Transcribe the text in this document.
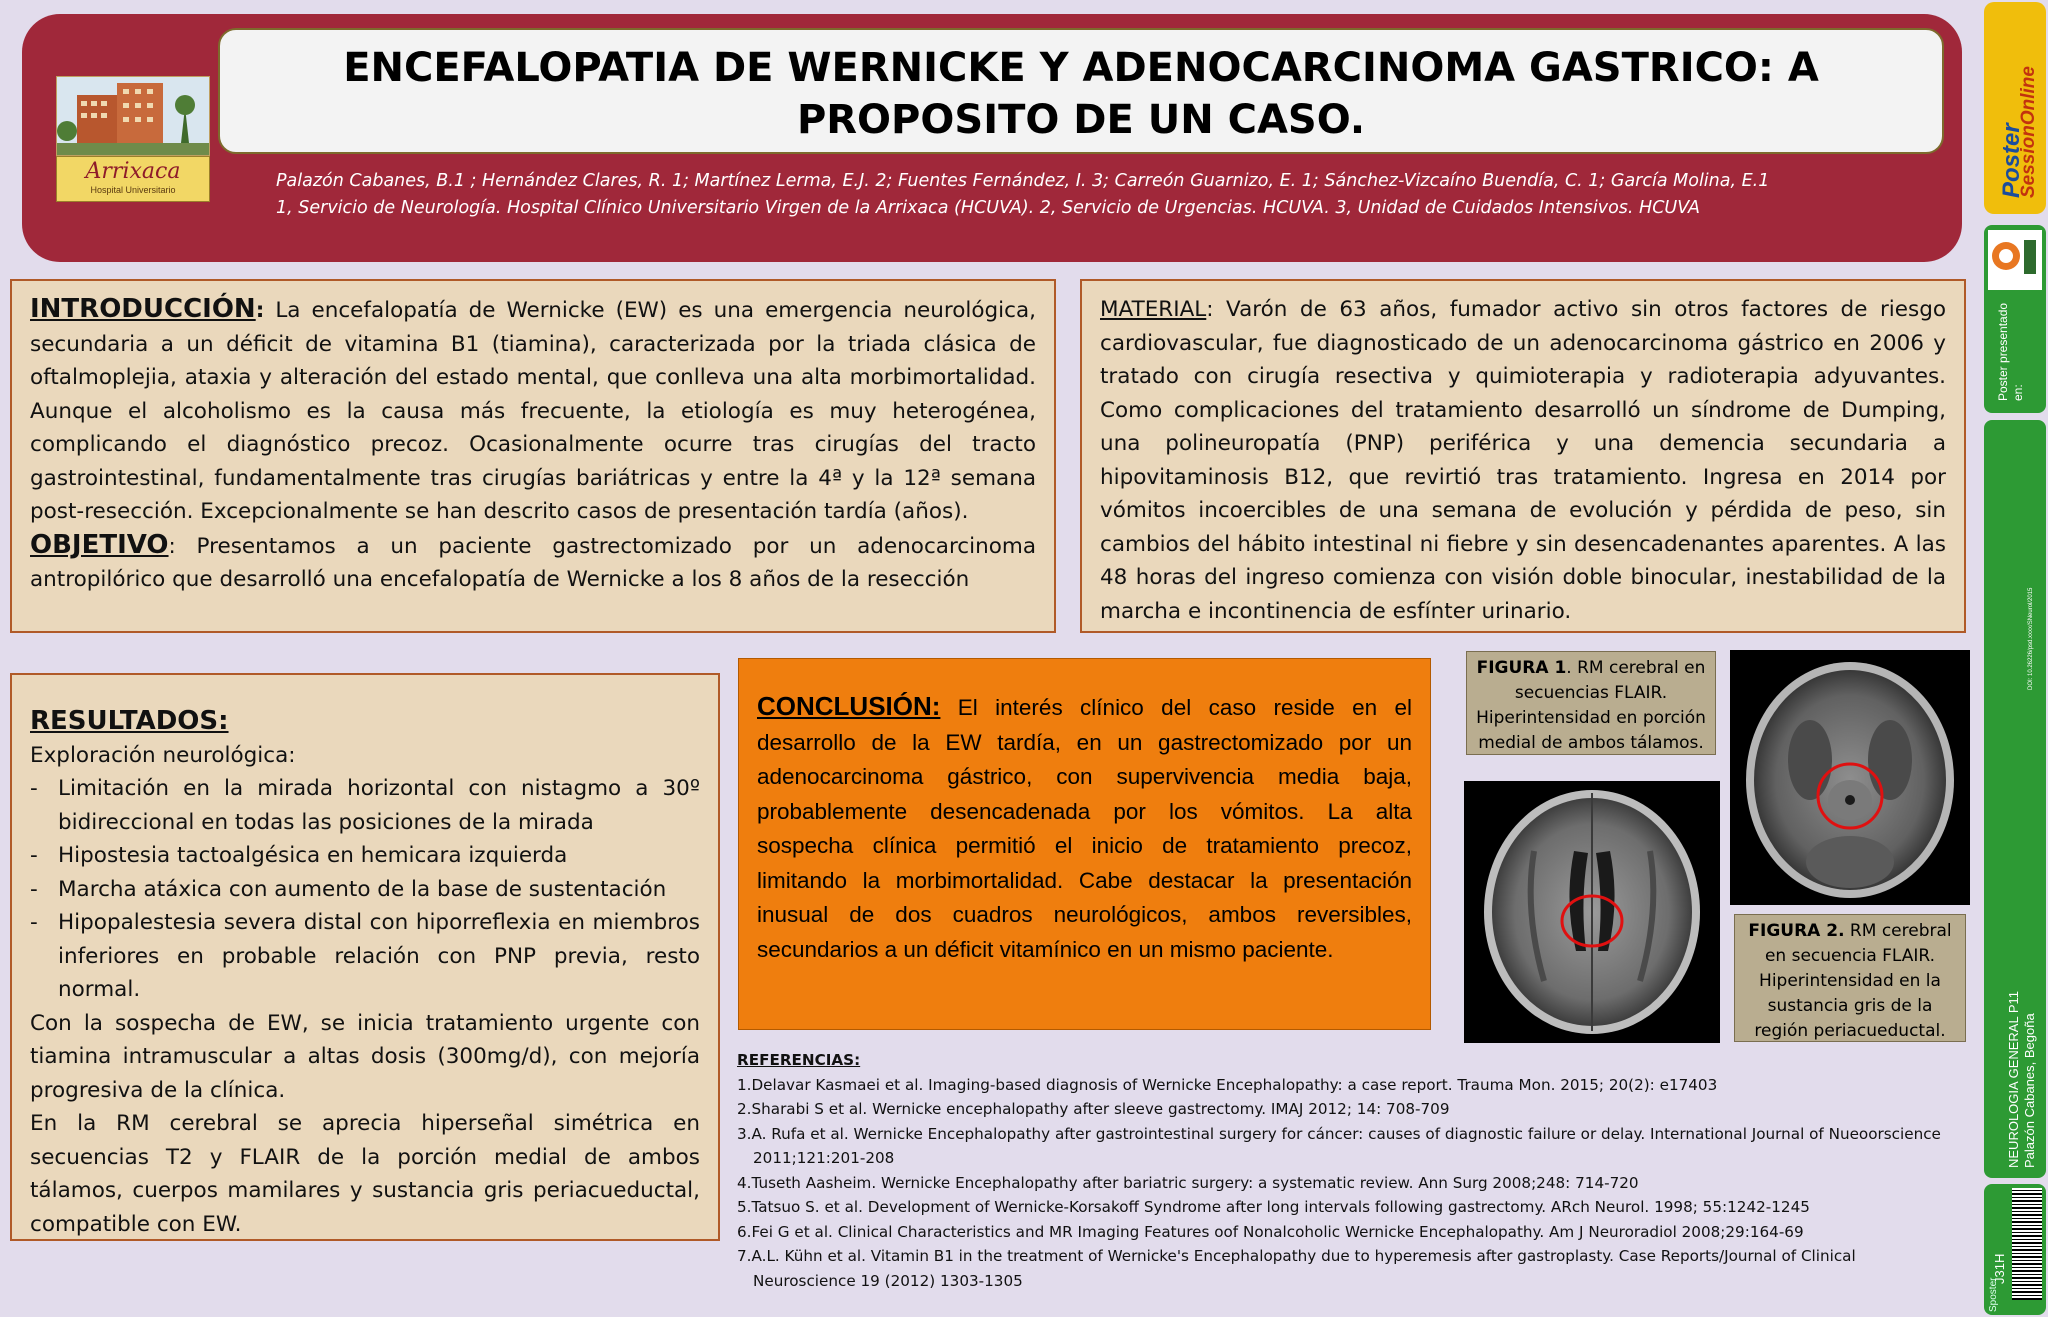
Arrixaca
Hospital Universitario
ENCEFALOPATIA DE WERNICKE Y ADENOCARCINOMA GASTRICO: A
PROPOSITO DE UN CASO.
Palazón Cabanes, B.1 ; Hernández Clares, R. 1; Martínez Lerma, E.J. 2; Fuentes Fernández, I. 3; Carreón Guarnizo, E. 1; Sánchez-Vizcaíno Buendía, C. 1; García Molina, E.1
1, Servicio de Neurología. Hospital Clínico Universitario Virgen de la Arrixaca (HCUVA). 2, Servicio de Urgencias. HCUVA. 3, Unidad de Cuidados Intensivos. HCUVA

INTRODUCCIÓN: La encefalopatía de Wernicke (EW) es una emergencia neurológica, secundaria a un déficit de vitamina B1 (tiamina), caracterizada por la triada clásica de oftalmoplejia, ataxia y alteración del estado mental, que conlleva una alta morbimortalidad. Aunque el alcoholismo es la causa más frecuente, la etiología es muy heterogénea, complicando el diagnóstico precoz. Ocasionalmente ocurre tras cirugías del tracto gastrointestinal, fundamentalmente tras cirugías bariátricas y entre la 4ª y la 12ª semana post-resección. Excepcionalmente se han descrito casos de presentación tardía (años).

OBJETIVO: Presentamos a un paciente gastrectomizado por un adenocarcinoma antropilórico que desarrolló una encefalopatía de Wernicke a los 8 años de la resección

MATERIAL: Varón de 63 años, fumador activo sin otros factores de riesgo cardiovascular, fue diagnosticado de un adenocarcinoma gástrico en 2006 y tratado con cirugía resectiva y quimioterapia y radioterapia adyuvantes. Como complicaciones del tratamiento desarrolló un síndrome de Dumping, una polineuropatía (PNP) periférica y una demencia secundaria a hipovitaminosis B12, que revirtió tras tratamiento. Ingresa en 2014 por vómitos incoercibles de una semana de evolución y pérdida de peso, sin cambios del hábito intestinal ni fiebre y sin desencadenantes aparentes. A las 48 horas del ingreso comienza con visión doble binocular, inestabilidad de la marcha e incontinencia de esfínter urinario.

RESULTADOS:
Exploración neurológica:
- Limitación en la mirada horizontal con nistagmo a 30º bidireccional en todas las posiciones de la mirada
- Hipostesia tactoalgésica en hemicara izquierda
- Marcha atáxica con aumento de la base de sustentación
- Hipopalestesia severa distal con hiporreflexia en miembros inferiores en probable relación con PNP previa, resto normal.

Con la sospecha de EW, se inicia tratamiento urgente con tiamina intramuscular a altas dosis (300mg/d), con mejoría progresiva de la clínica.

En la RM cerebral se aprecia hiperseñal simétrica en secuencias T2 y FLAIR de la porción medial de ambos tálamos, cuerpos mamilares y sustancia gris periacueductal, compatible con EW.

CONCLUSIÓN: El interés clínico del caso reside en el desarrollo de la EW tardía, en un gastrectomizado por un adenocarcinoma gástrico, con supervivencia media baja, probablemente desencadenada por los vómitos. La alta sospecha clínica permitió el inicio de tratamiento precoz, limitando la morbimortalidad. Cabe destacar la presentación inusual de dos cuadros neurológicos, ambos reversibles, secundarios a un déficit vitamínico en un mismo paciente.

FIGURA 1. RM cerebral en secuencias FLAIR. Hiperintensidad en porción medial de ambos tálamos.
FIGURA 2. RM cerebral en secuencia FLAIR. Hiperintensidad en la sustancia gris de la región periacueductal.
REFERENCIAS:
1.Delavar Kasmaei et al. Imaging-based diagnosis of Wernicke Encephalopathy: a case report. Trauma Mon. 2015; 20(2): e17403
2.Sharabi S et al. Wernicke encephalopathy after sleeve gastrectomy. IMAJ 2012; 14: 708-709
3.A. Rufa et al. Wernicke Encephalopathy after gastrointestinal surgery for cáncer: causes of diagnostic failure or delay. International Journal of Nueoorscience 2011;121:201-208
4.Tuseth Aasheim. Wernicke Encephalopathy after bariatric surgery: a systematic review. Ann Surg 2008;248: 714-720
5.Tatsuo S. et al. Development of Wernicke-Korsakoff Syndrome after long intervals following gastrectomy. ARch Neurol. 1998; 55:1242-1245
6.Fei G et al. Clinical Characteristics and MR Imaging Features oof Nonalcoholic Wernicke Encephalopathy. Am J Neuroradiol 2008;29:164-69
7.A.L. Kühn et al. Vitamin B1 in the treatment of Wernicke's Encephalopathy due to hyperemesis after gastroplasty. Case Reports/Journal of Clinical Neuroscience 19 (2012) 1303-1305
Poster
SessionOnline
Poster presentado en:
DOI: 10.26226/psd.xxxx/SNeurol/2015
NEUROLOGIA GENERAL P11 Palazón Cabanes, Begoña
J31H
Sposter
